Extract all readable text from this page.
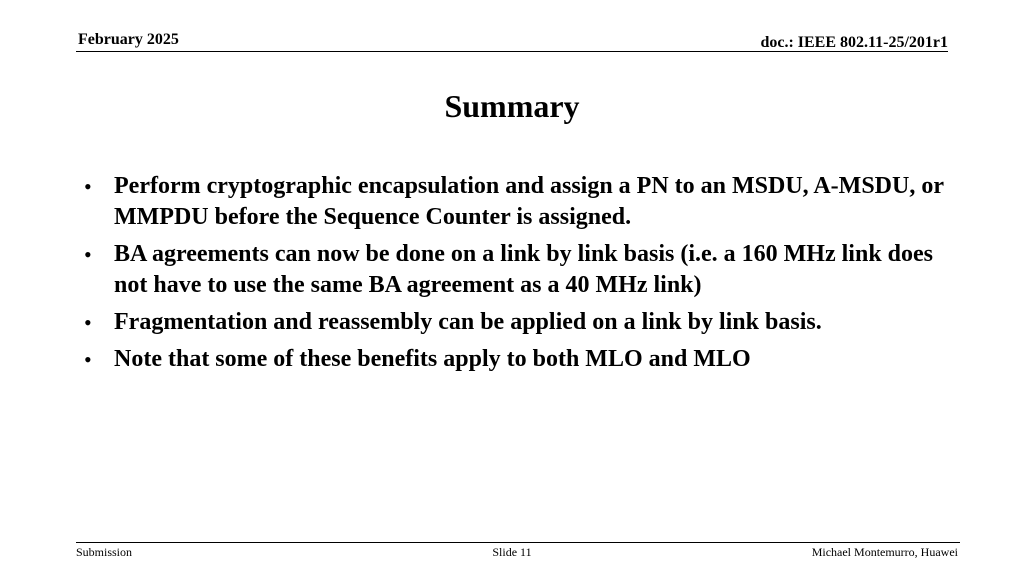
February 2025	doc.: IEEE 802.11-25/201r1
Summary
• Perform cryptographic encapsulation and assign a PN to an MSDU, A-MSDU, or MMPDU before the Sequence Counter is assigned.
• BA agreements can now be done on a link by link basis (i.e. a 160 MHz link does not have to use the same BA agreement as a 40 MHz link)
• Fragmentation and reassembly can be applied on a link by link basis.
• Note that some of these benefits apply to both MLO and MLO
Submission	Slide 11	Michael Montemurro, Huawei
